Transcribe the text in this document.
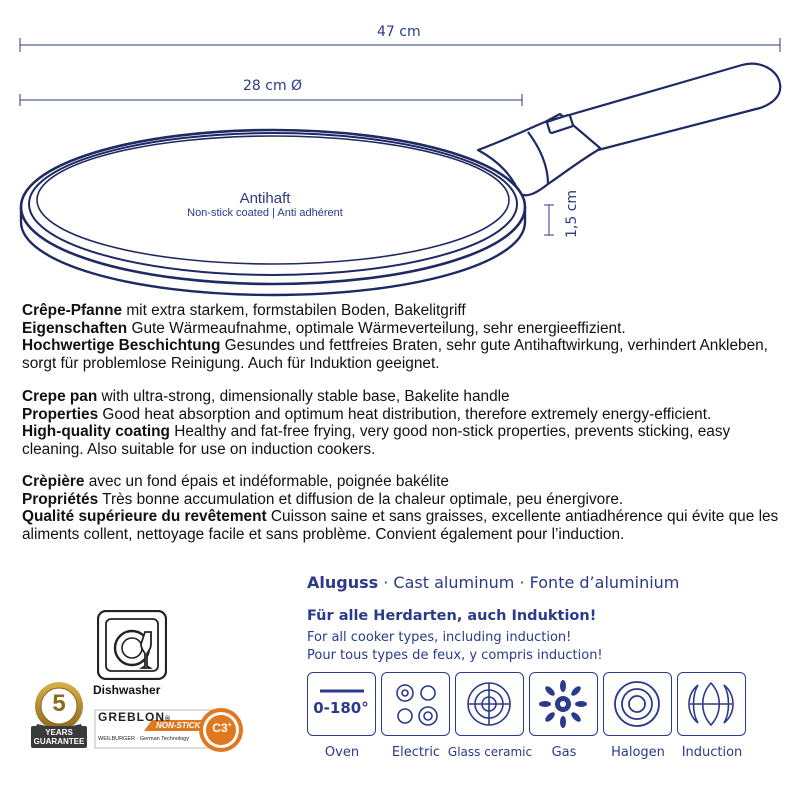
47 cm
28 cm Ø
1,5 cm
Antihaft
Non-stick coated | Anti adhérent

Crêpe-Pfanne mit extra starkem, formstabilen Boden, Bakelitgriff

Eigenschaften Gute Wärmeaufnahme, optimale Wärmeverteilung, sehr energieeffizient.

Hochwertige Beschichtung Gesundes und fettfreies Braten, sehr gute Antihaftwirkung, verhindert Ankleben, sorgt für problemlose Reinigung. Auch für Induktion geeignet.

Crepe pan with ultra-strong, dimensionally stable base, Bakelite handle

Properties Good heat absorption and optimum heat distribution, therefore extremely energy-efficient.

High-quality coating Healthy and fat-free frying, very good non-stick properties, prevents sticking, easy cleaning. Also suitable for use on induction cookers.

Crèpière avec un fond épais et indéformable, poignée bakélite

Propriétés Très bonne accumulation et diffusion de la chaleur optimale, peu énergivore.

Qualité supérieure du revêtement Cuisson saine et sans graisses, excellente antiadhérence qui évite que les aliments collent, nettoyage facile et sans problème. Convient également pour l’induction.

Aluguss · Cast aluminum · Fonte d’aluminium
Für alle Herdarten, auch Induktion!
For all cooker types, including induction!
Pour tous types de feux, y compris induction!
0-180°
Oven	Electric Glass ceramic	Gas	Halogen	Induction
Dishwasher
5
YEARS
GUARANTEE
GREBLON®
NON-STICK
WEILBURGER · German Technology
C3+
